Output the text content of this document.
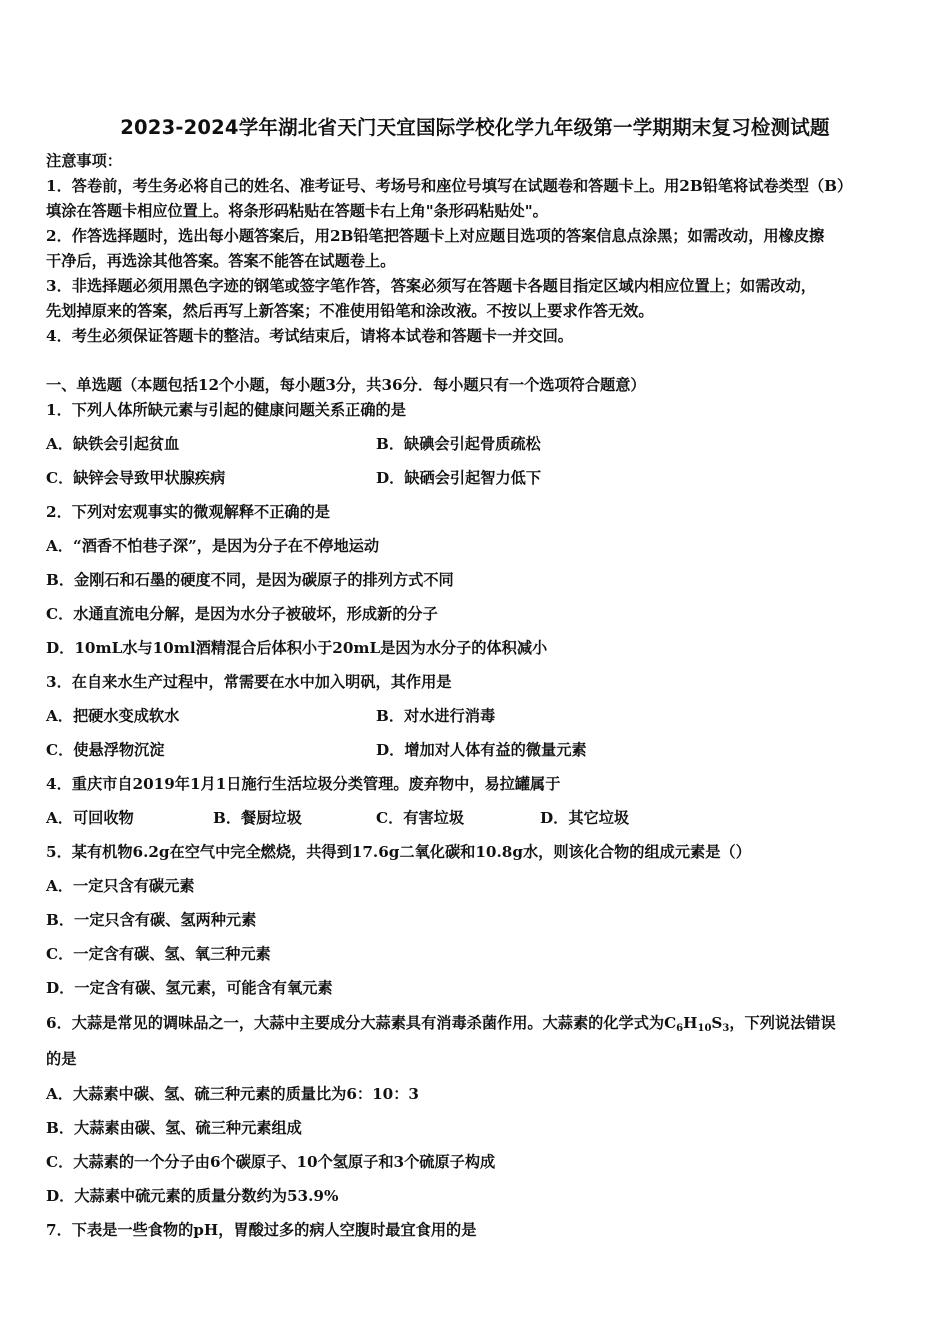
2023-2024学年湖北省天门天宜国际学校化学九年级第一学期期末复习检测试题
注意事项：
1．答卷前，考生务必将自己的姓名、准考证号、考场号和座位号填写在试题卷和答题卡上。用2B铅笔将试卷类型（B）
填涂在答题卡相应位置上。将条形码粘贴在答题卡右上角"条形码粘贴处"。
2．作答选择题时，选出每小题答案后，用2B铅笔把答题卡上对应题目选项的答案信息点涂黑；如需改动，用橡皮擦
干净后，再选涂其他答案。答案不能答在试题卷上。
3．非选择题必须用黑色字迹的钢笔或签字笔作答，答案必须写在答题卡各题目指定区域内相应位置上；如需改动，
先划掉原来的答案，然后再写上新答案；不准使用铅笔和涂改液。不按以上要求作答无效。
4．考生必须保证答题卡的整洁。考试结束后，请将本试卷和答题卡一并交回。
一、单选题（本题包括12个小题，每小题3分，共36分．每小题只有一个选项符合题意）
1．下列人体所缺元素与引起的健康问题关系正确的是
A．缺铁会引起贫血	B．缺碘会引起骨质疏松
C．缺锌会导致甲状腺疾病	D．缺硒会引起智力低下
2．下列对宏观事实的微观解释不正确的是
A．“酒香不怕巷子深”，是因为分子在不停地运动
B．金刚石和石墨的硬度不同，是因为碳原子的排列方式不同
C．水通直流电分解，是因为水分子被破坏，形成新的分子
D．10mL水与10ml酒精混合后体积小于20mL是因为水分子的体积减小
3．在自来水生产过程中，常需要在水中加入明矾，其作用是
A．把硬水变成软水	B．对水进行消毒
C．使悬浮物沉淀	D．增加对人体有益的微量元素
4．重庆市自2019年1月1日施行生活垃圾分类管理。废弃物中，易拉罐属于
A．可回收物	B．餐厨垃圾	C．有害垃圾	D．其它垃圾
5．某有机物6.2g在空气中完全燃烧，共得到17.6g二氧化碳和10.8g水，则该化合物的组成元素是（）
A．一定只含有碳元素
B．一定只含有碳、氢两种元素
C．一定含有碳、氢、氧三种元素
D．一定含有碳、氢元素，可能含有氧元素
6．大蒜是常见的调味品之一，大蒜中主要成分大蒜素具有消毒杀菌作用。大蒜素的化学式为$C_6H_{10}S_3$，下列说法错误
的是
A．大蒜素中碳、氢、硫三种元素的质量比为6：10：3
B．大蒜素由碳、氢、硫三种元素组成
C．大蒜素的一个分子由6个碳原子、10个氢原子和3个硫原子构成
D．大蒜素中硫元素的质量分数约为53.9%
7．下表是一些食物的pH，胃酸过多的病人空腹时最宜食用的是
